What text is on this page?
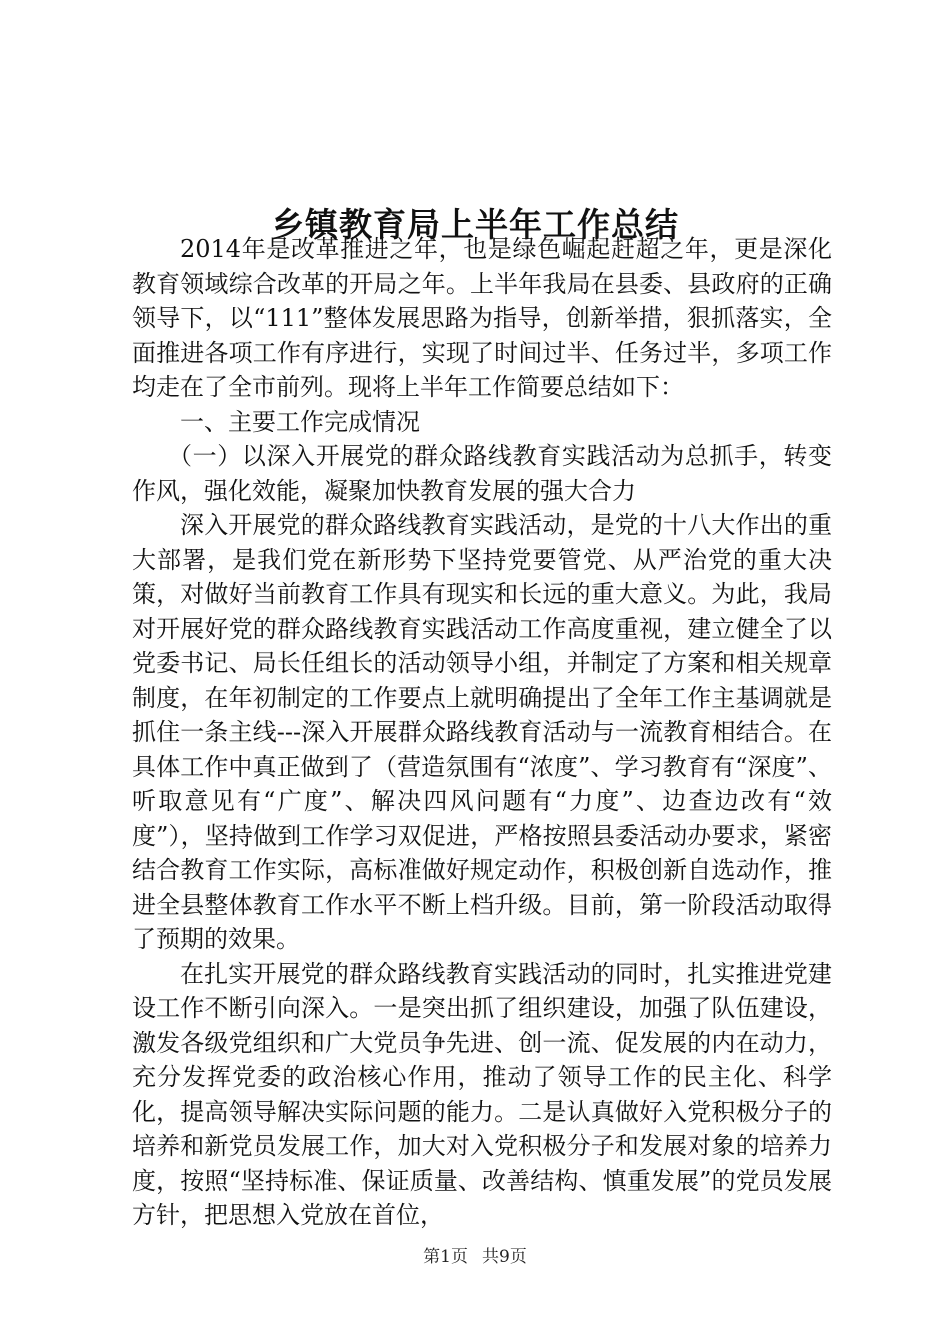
乡镇教育局上半年工作总结

2014年是改革推进之年，也是绿色崛起赶超之年，更是深化教育领域综合改革的开局之年。上半年我局在县委、县政府的正确领导下，以“111”整体发展思路为指导，创新举措，狠抓落实，全面推进各项工作有序进行，实现了时间过半、任务过半，多项工作均走在了全市前列。现将上半年工作简要总结如下：

一、主要工作完成情况

（一）以深入开展党的群众路线教育实践活动为总抓手，转变作风，强化效能，凝聚加快教育发展的强大合力

深入开展党的群众路线教育实践活动，是党的十八大作出的重大部署，是我们党在新形势下坚持党要管党、从严治党的重大决策，对做好当前教育工作具有现实和长远的重大意义。为此，我局对开展好党的群众路线教育实践活动工作高度重视，建立健全了以党委书记、局长任组长的活动领导小组，并制定了方案和相关规章制度，在年初制定的工作要点上就明确提出了全年工作主基调就是抓住一条主线---深入开展群众路线教育活动与一流教育相结合。在具体工作中真正做到了（营造氛围有“浓度”、学习教育有“深度”、听取意见有“广度”、解决四风问题有“力度”、边查边改有“效度”），坚持做到工作学习双促进，严格按照县委活动办要求，紧密结合教育工作实际，高标准做好规定动作，积极创新自选动作，推进全县整体教育工作水平不断上档升级。目前，第一阶段活动取得了预期的效果。

在扎实开展党的群众路线教育实践活动的同时，扎实推进党建设工作不断引向深入。一是突出抓了组织建设，加强了队伍建设，激发各级党组织和广大党员争先进、创一流、促发展的内在动力，充分发挥党委的政治核心作用，推动了领导工作的民主化、科学化，提高领导解决实际问题的能力。二是认真做好入党积极分子的培养和新党员发展工作，加大对入党积极分子和发展对象的培养力度，按照“坚持标准、保证质量、改善结构、慎重发展”的党员发展方针，把思想入党放在首位，

第1页 共9页
